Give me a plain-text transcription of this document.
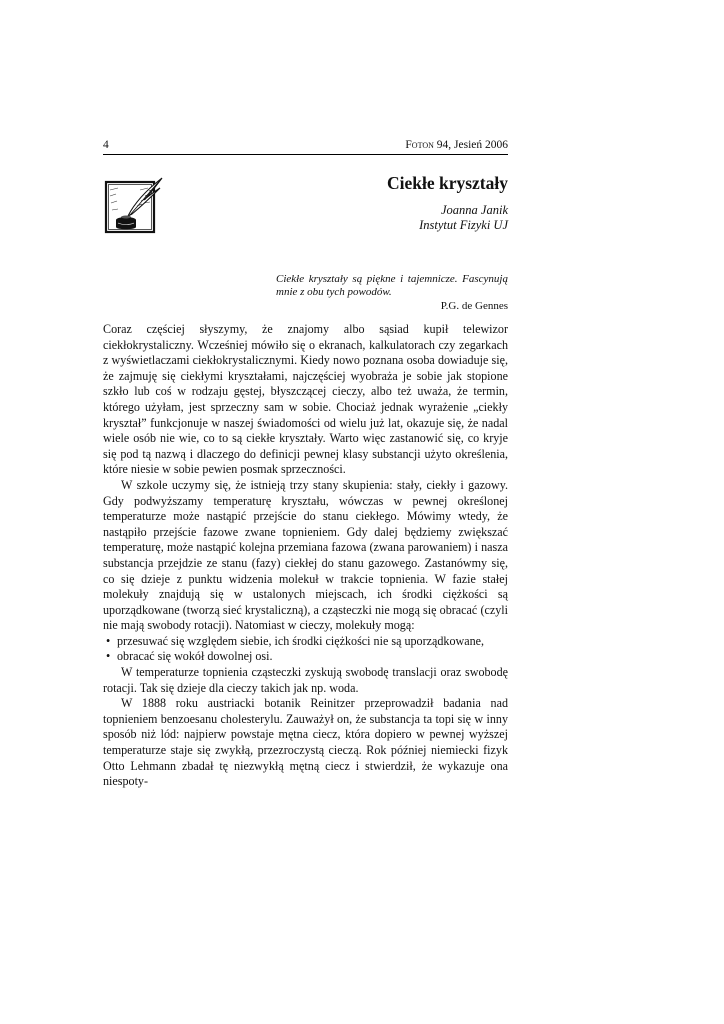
4	Foton 94, Jesień 2006
Ciekłe kryształy
Joanna Janik
Instytut Fizyki UJ
Ciekłe kryształy są piękne i tajemnicze. Fascynują mnie z obu tych powodów.
P.G. de Gennes

Coraz częściej słyszymy, że znajomy albo sąsiad kupił telewizor ciekłokrystaliczny. Wcześniej mówiło się o ekranach, kalkulatorach czy zegarkach z wyświetlaczami ciekłokrystalicznymi. Kiedy nowo poznana osoba dowiaduje się, że zajmuję się ciekłymi kryształami, najczęściej wyobraża je sobie jak stopione szkło lub coś w rodzaju gęstej, błyszczącej cieczy, albo też uważa, że termin, którego użyłam, jest sprzeczny sam w sobie. Chociaż jednak wyrażenie „ciekły kryształ” funkcjonuje w naszej świadomości od wielu już lat, okazuje się, że nadal wiele osób nie wie, co to są ciekłe kryształy. Warto więc zastanowić się, co kryje się pod tą nazwą i dlaczego do definicji pewnej klasy substancji użyto określenia, które niesie w sobie pewien posmak sprzeczności.

W szkole uczymy się, że istnieją trzy stany skupienia: stały, ciekły i gazowy. Gdy podwyższamy temperaturę kryształu, wówczas w pewnej określonej temperaturze może nastąpić przejście do stanu ciekłego. Mówimy wtedy, że nastąpiło przejście fazowe zwane topnieniem. Gdy dalej będziemy zwiększać temperaturę, może nastąpić kolejna przemiana fazowa (zwana parowaniem) i nasza substancja przejdzie ze stanu (fazy) ciekłej do stanu gazowego. Zastanówmy się, co się dzieje z punktu widzenia molekuł w trakcie topnienia. W fazie stałej molekuły znajdują się w ustalonych miejscach, ich środki ciężkości są uporządkowane (tworzą sieć krystaliczną), a cząsteczki nie mogą się obracać (czyli nie mają swobody rotacji). Natomiast w cieczy, molekuły mogą:

• przesuwać się względem siebie, ich środki ciężkości nie są uporządkowane,
• obracać się wokół dowolnej osi.

W temperaturze topnienia cząsteczki zyskują swobodę translacji oraz swobodę rotacji. Tak się dzieje dla cieczy takich jak np. woda.

W 1888 roku austriacki botanik Reinitzer przeprowadził badania nad topnieniem benzoesanu cholesterylu. Zauważył on, że substancja ta topi się w inny sposób niż lód: najpierw powstaje mętna ciecz, która dopiero w pewnej wyższej temperaturze staje się zwykłą, przezroczystą cieczą. Rok później niemiecki fizyk Otto Lehmann zbadał tę niezwykłą mętną ciecz i stwierdził, że wykazuje ona niespoty-
